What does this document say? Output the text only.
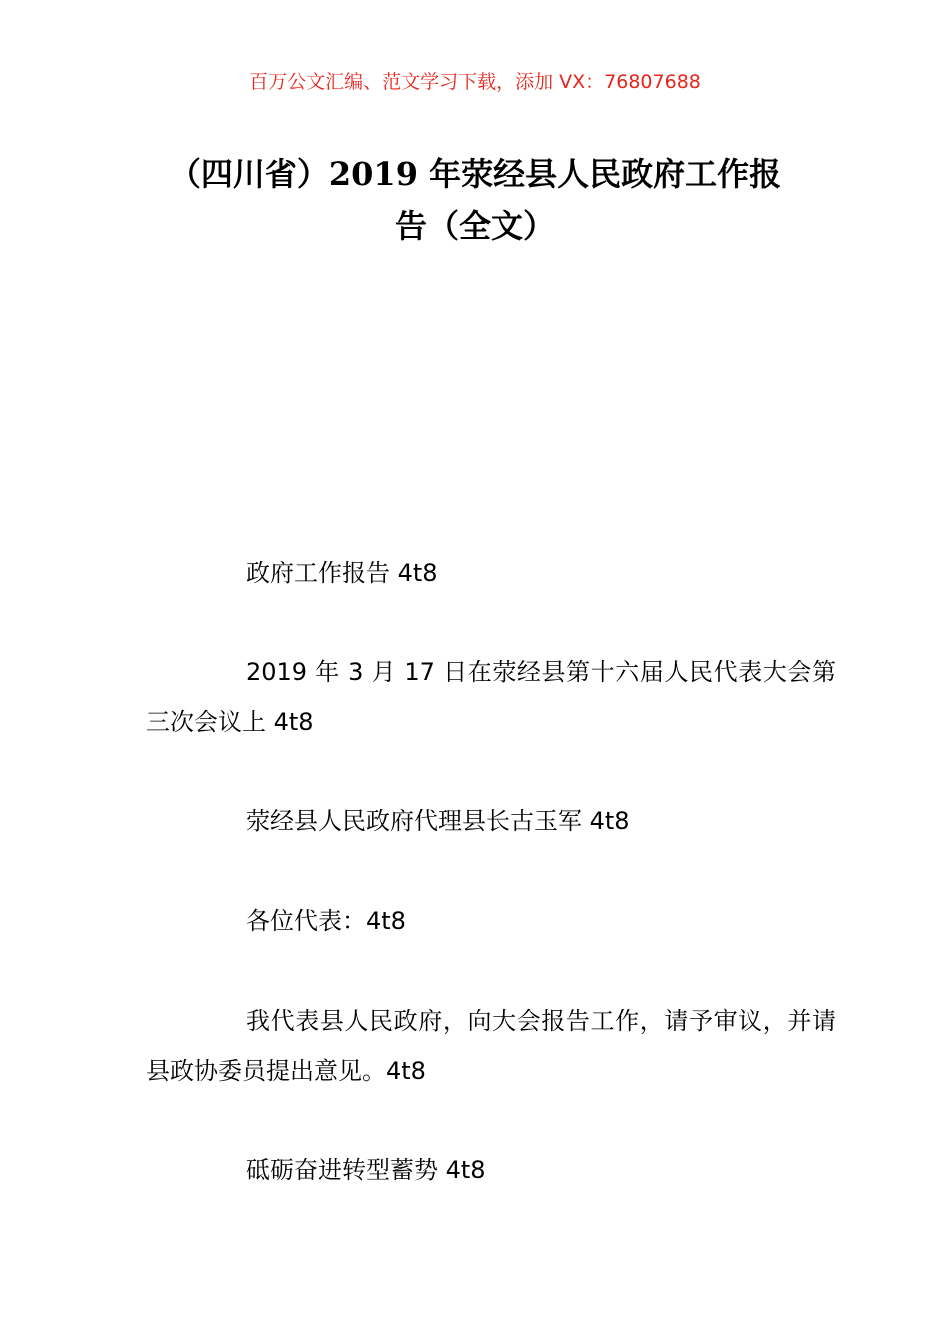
百万公文汇编、范文学习下载，添加 VX：76807688
（四川省）2019 年荥经县人民政府工作报
告（全文）

政府工作报告 4t8

2019 年 3 月 17 日在荥经县第十六届人民代表大会第三次会议上 4t8

荥经县人民政府代理县长古玉军 4t8

各位代表：4t8

我代表县人民政府，向大会报告工作，请予审议，并请县政协委员提出意见。4t8

砥砺奋进转型蓄势 4t8
